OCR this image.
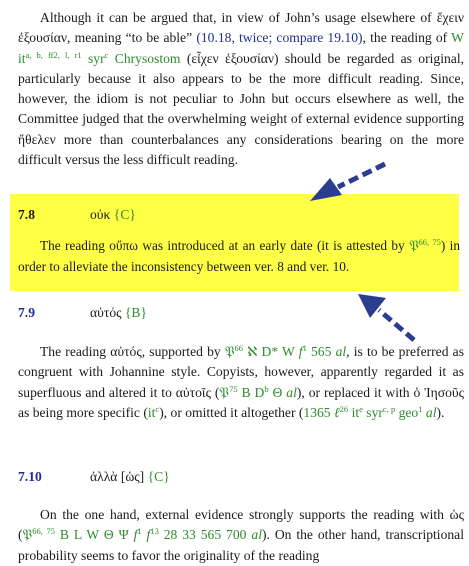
Although it can be argued that, in view of John’s usage elsewhere of ἔχειν ἐξουσίαν, meaning “to be able” (10.18, twice; compare 19.10), the reading of W $it^{a, b, ff2, l, r1}$ syr$^c$ Chrysostom (εἶχεν ἐξουσίαν) should be regarded as original, particularly because it also appears to be the more difficult reading. Since, however, the idiom is not peculiar to John but occurs elsewhere as well, the Committee judged that the overwhelming weight of external evidence supporting ἤθελεν more than counterbalances any considerations bearing on the more difficult versus the less difficult reading.

7.8	οὐκ {C}

The reading οὔπω was introduced at an early date (it is attested by 𝔓$^{66, 75}$) in order to alleviate the inconsistency between ver. 8 and ver. 10.

7.9	αὐτός {B}

The reading αὐτός, supported by 𝔓$^{66}$ ℵ D* W $f^1$ 565 al, is to be preferred as congruent with Johannine style. Copyists, however, apparently regarded it as superfluous and altered it to αὐτοῖς (𝔓$^{75}$ B $D^b$ Θ al), or replaced it with ὁ Ἰησοῦς as being more specific $(it^c)$, or omitted it altogether (1365 ℓ$^{26}$ $it^e$ syr$^{c, p}$ geo$^1$ al).

7.10	ἀλλὰ [ὡς] {C}

On the one hand, external evidence strongly supports the reading with ὡς (𝔓$^{66, 75}$ B L W Θ Ψ $f^1$ $f^{13}$ 28 33 565 700 al). On the other hand, transcriptional probability seems to favor the originality of the reading
